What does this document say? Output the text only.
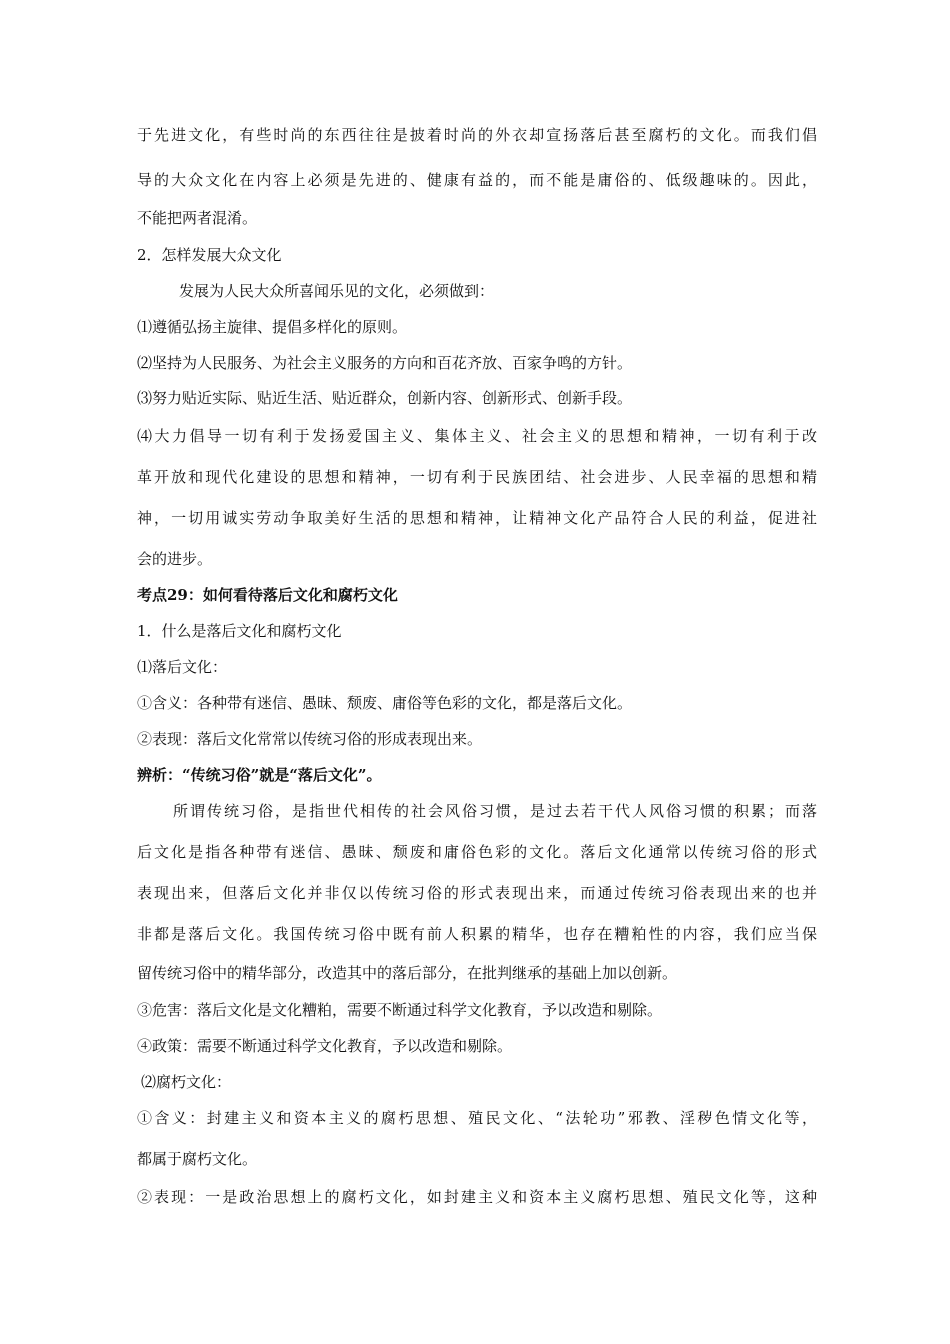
于先进文化，有些时尚的东西往往是披着时尚的外衣却宣扬落后甚至腐朽的文化。而我们倡

导的大众文化在内容上必须是先进的、健康有益的，而不能是庸俗的、低级趣味的。因此，

不能把两者混淆。

2．怎样发展大众文化

发展为人民大众所喜闻乐见的文化，必须做到：

⑴遵循弘扬主旋律、提倡多样化的原则。

⑵坚持为人民服务、为社会主义服务的方向和百花齐放、百家争鸣的方针。

⑶努力贴近实际、贴近生活、贴近群众，创新内容、创新形式、创新手段。

⑷大力倡导一切有利于发扬爱国主义、集体主义、社会主义的思想和精神，一切有利于改

革开放和现代化建设的思想和精神，一切有利于民族团结、社会进步、人民幸福的思想和精

神，一切用诚实劳动争取美好生活的思想和精神，让精神文化产品符合人民的利益，促进社

会的进步。

考点29：如何看待落后文化和腐朽文化

1．什么是落后文化和腐朽文化

⑴落后文化：

①含义：各种带有迷信、愚昧、颓废、庸俗等色彩的文化，都是落后文化。

②表现：落后文化常常以传统习俗的形成表现出来。

辨析：“传统习俗”就是“落后文化”。

所谓传统习俗，是指世代相传的社会风俗习惯，是过去若干代人风俗习惯的积累；而落

后文化是指各种带有迷信、愚昧、颓废和庸俗色彩的文化。落后文化通常以传统习俗的形式

表现出来，但落后文化并非仅以传统习俗的形式表现出来，而通过传统习俗表现出来的也并

非都是落后文化。我国传统习俗中既有前人积累的精华，也存在糟粕性的内容，我们应当保

留传统习俗中的精华部分，改造其中的落后部分，在批判继承的基础上加以创新。

③危害：落后文化是文化糟粕，需要不断通过科学文化教育，予以改造和剔除。

④政策：需要不断通过科学文化教育，予以改造和剔除。

⑵腐朽文化：

①含义：封建主义和资本主义的腐朽思想、殖民文化、“法轮功”邪教、淫秽色情文化等，

都属于腐朽文化。

②表现：一是政治思想上的腐朽文化，如封建主义和资本主义腐朽思想、殖民文化等，这种
